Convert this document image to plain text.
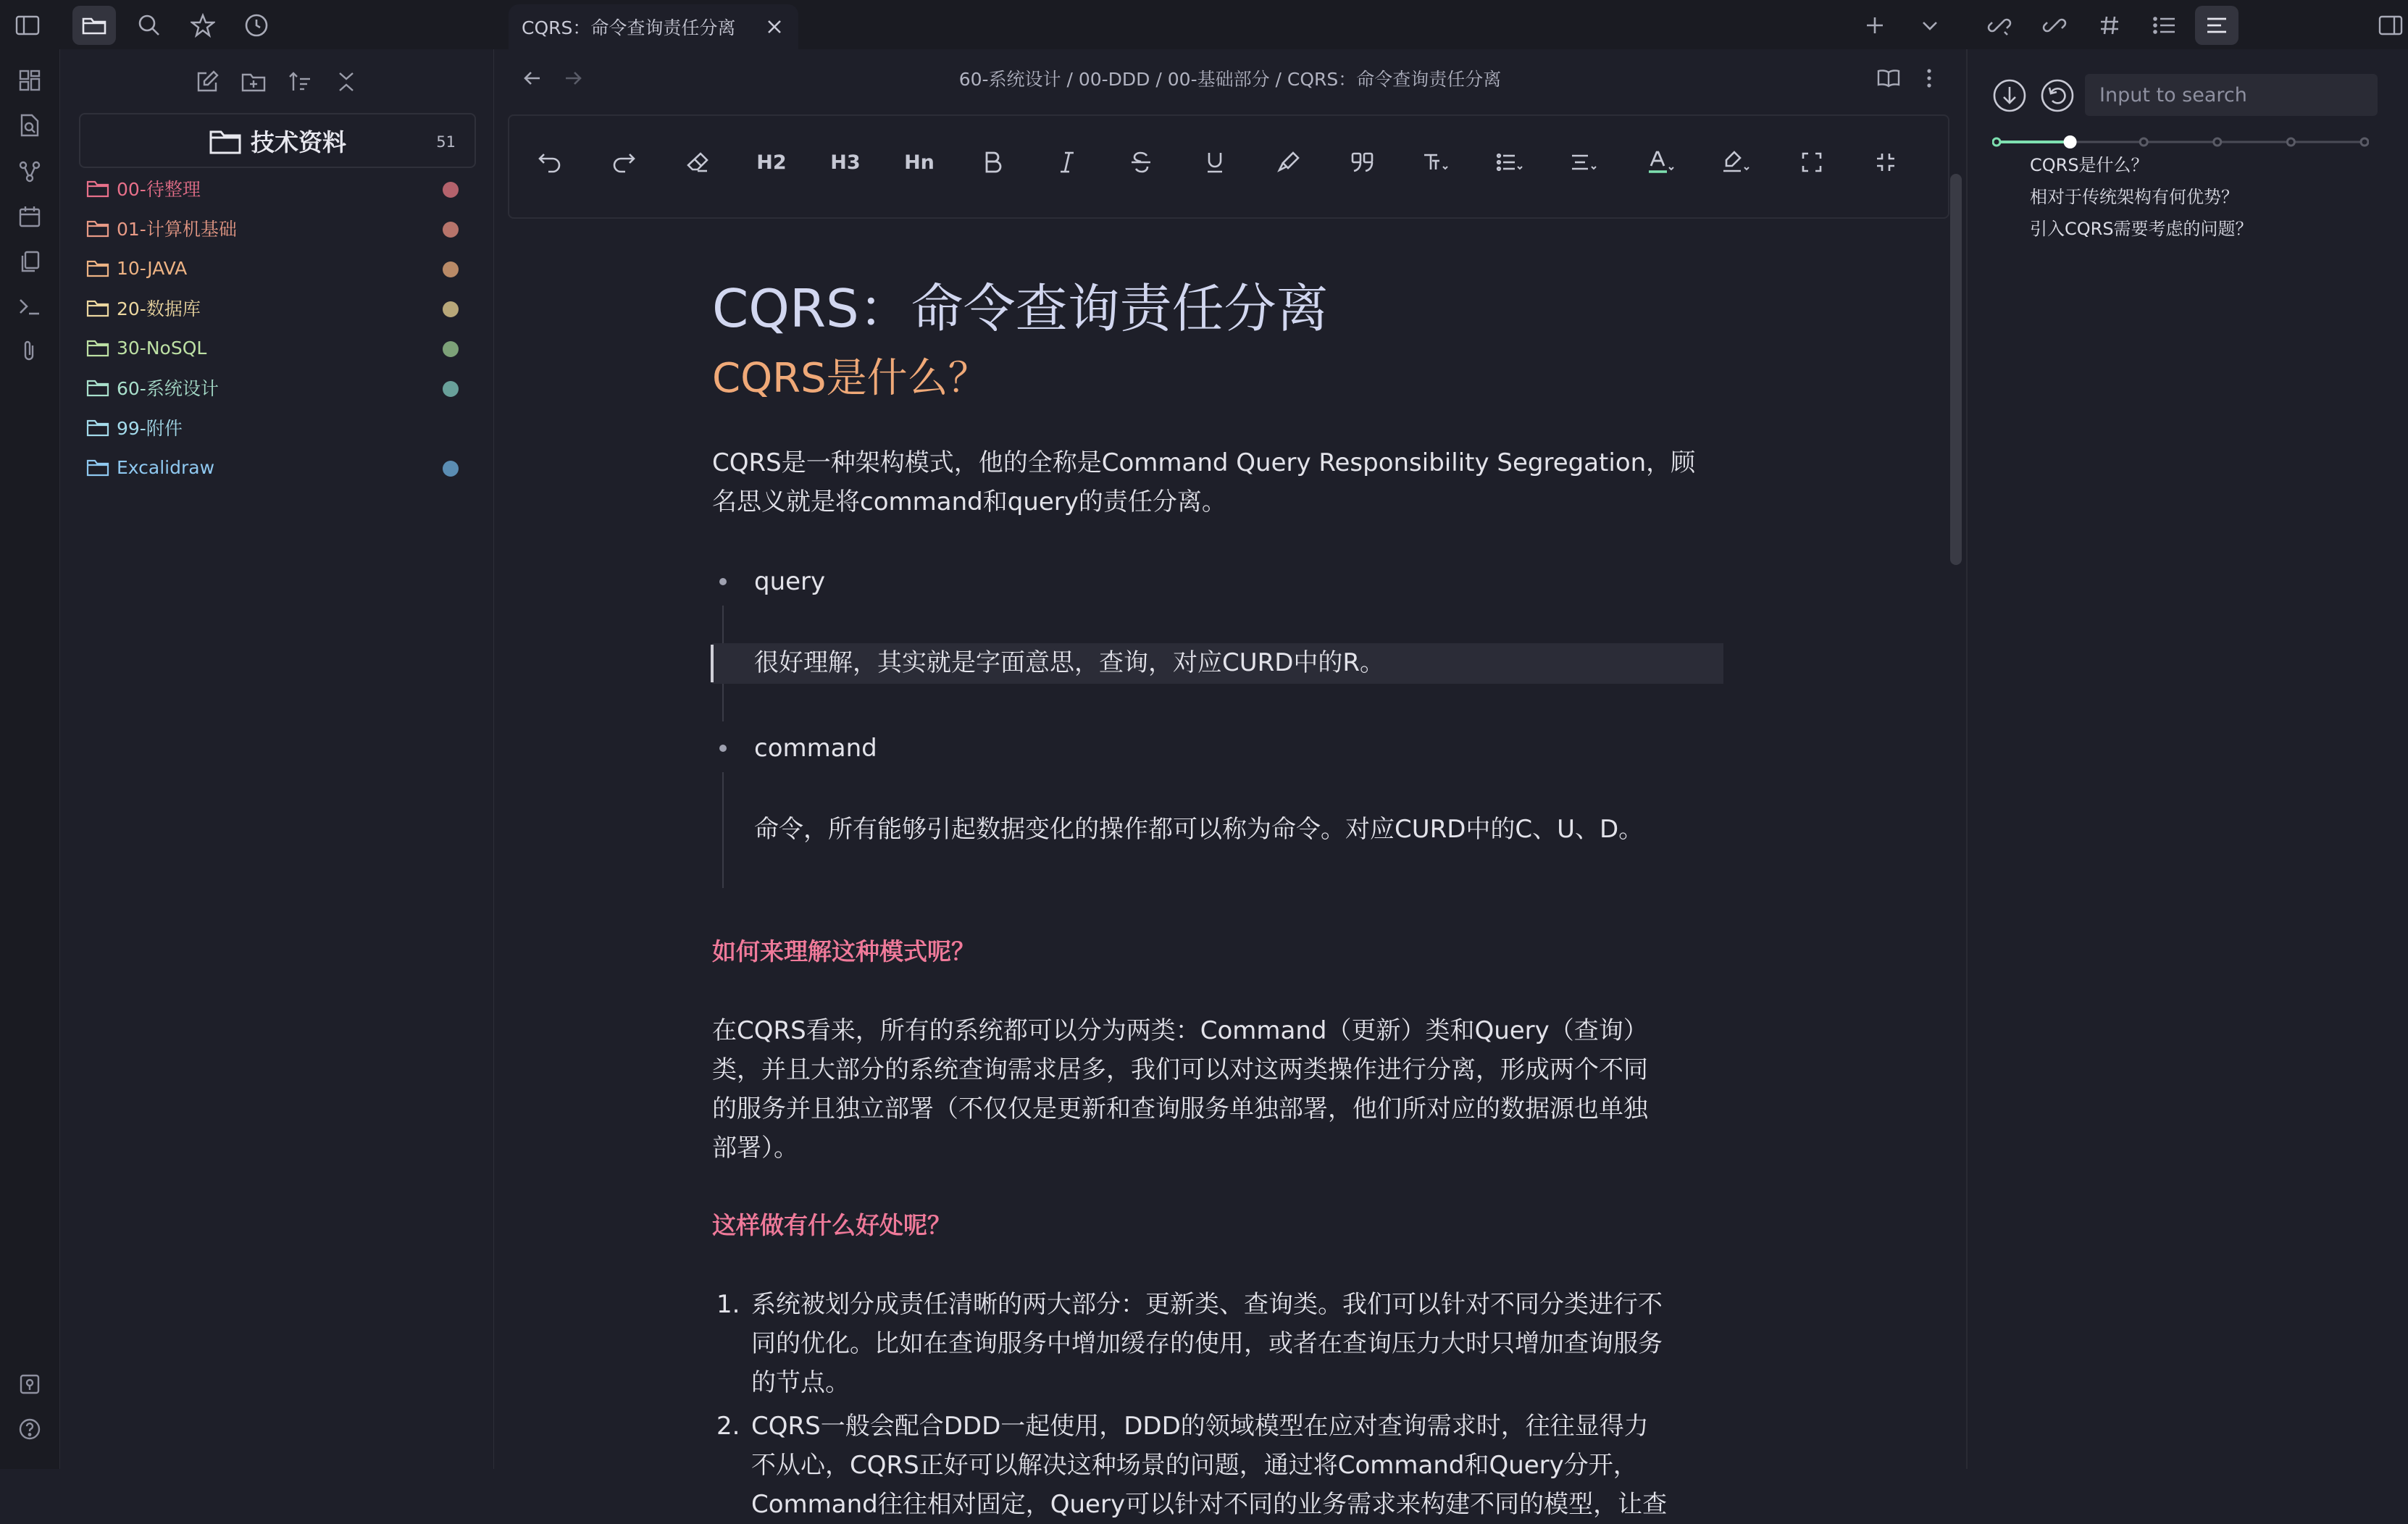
CQRS：命令查询责任分离
技术资料	51
00-待整理
01-计算机基础
10-JAVA
20-数据库
30-NoSQL
60-系统设计
99-附件
Excalidraw
60-系统设计 / 00-DDD / 00-基础部分 / CQRS：命令查询责任分离
H2	H3	Hn
CQRS：命令查询责任分离
CQRS是什么？
CQRS是一种架构模式，他的全称是Command Query Responsibility Segregation，顾
名思义就是将command和query的责任分离。
query
很好理解，其实就是字面意思，查询，对应CURD中的R。
command
命令，所有能够引起数据变化的操作都可以称为命令。对应CURD中的C、U、D。
如何来理解这种模式呢？
在CQRS看来，所有的系统都可以分为两类：Command（更新）类和Query（查询）
类，并且大部分的系统查询需求居多，我们可以对这两类操作进行分离，形成两个不同
的服务并且独立部署（不仅仅是更新和查询服务单独部署，他们所对应的数据源也单独
部署）。
这样做有什么好处呢？
1. 系统被划分成责任清晰的两大部分：更新类、查询类。我们可以针对不同分类进行不
同的优化。比如在查询服务中增加缓存的使用，或者在查询压力大时只增加查询服务
的节点。
2. CQRS一般会配合DDD一起使用，DDD的领域模型在应对查询需求时，往往显得力
不从心，CQRS正好可以解决这种场景的问题，通过将Command和Query分开，
Command往往相对固定，Query可以针对不同的业务需求来构建不同的模型，让查
Input to search
CQRS是什么？
相对于传统架构有何优势？
引入CQRS需要考虑的问题？
